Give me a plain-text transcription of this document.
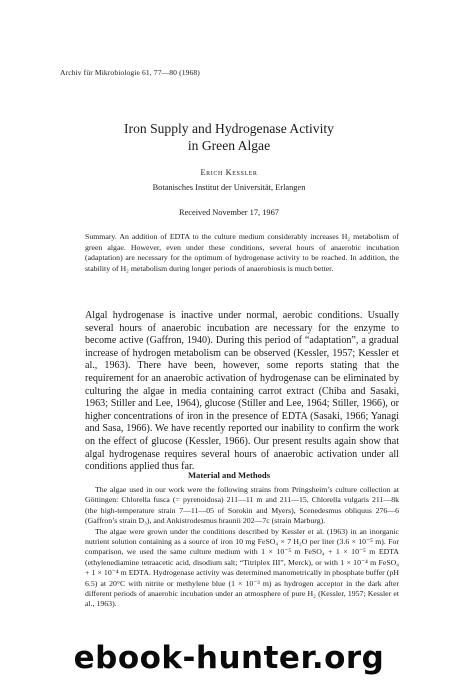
Archiv für Mikrobiologie 61, 77—80 (1968)

Iron Supply and Hydrogenase Activity
in Green Algae

Erich Kessler

Botanisches Institut der Universität, Erlangen

Received November 17, 1967

Summary. An addition of EDTA to the culture medium considerably increases H₂ metabolism of green algae. However, even under these conditions, several hours of anaerobic incubation (adaptation) are necessary for the optimum of hydrogenase activity to be reached. In addition, the stability of H₂ metabolism during longer periods of anaerobiosis is much better.

Algal hydrogenase is inactive under normal, aerobic conditions. Usually several hours of anaerobic incubation are necessary for the enzyme to become active (Gaffron, 1940). During this period of “adaptation”, a gradual increase of hydrogen metabolism can be observed (Kessler, 1957; Kessler et al., 1963). There have been, however, some reports stating that the requirement for an anaerobic activation of hydrogenase can be eliminated by culturing the algae in media containing carrot extract (Chiba and Sasaki, 1963; Stiller and Lee, 1964), glucose (Stiller and Lee, 1964; Stiller, 1966), or higher concentrations of iron in the presence of EDTA (Sasaki, 1966; Yanagi and Sasa, 1966). We have recently reported our inability to confirm the work on the effect of glucose (Kessler, 1966). Our present results again show that algal hydrogenase requires several hours of anaerobic activation under all conditions applied thus far.

Material and Methods

The algae used in our work were the following strains from Pringsheim’s culture collection at Göttingen: Chlorella fusca (= pyrenoidosa) 211—11 m and 211—15, Chlorella vulgaris 211—8k (the high-temperature strain 7—11—05 of Sorokin and Myers), Scenedesmus obliquus 276—6 (Gaffron’s strain D₃), and Ankistrodesmus braunii 202—7c (strain Marburg).

The algae were grown under the conditions described by Kessler et al. (1963) in an inorganic nutrient solution containing as a source of iron 10 mg FeSO₄ × 7 H₂O per liter (3.6 × 10⁻⁵ m). For comparison, we used the same culture medium with 1 × 10⁻⁵ m FeSO₄ + 1 × 10⁻⁵ m EDTA (ethylenediamine tetraacetic acid, disodium salt; “Titriplex III”, Merck), or with 1 × 10⁻⁴ m FeSO₄ + 1 × 10⁻⁴ m EDTA. Hydrogenase activity was determined manometrically in phosphate buffer (pH 6.5) at 20°C with nitrite or methylene blue (1 × 10⁻³ m) as hydrogen acceptor in the dark after different periods of anaerobic incubation under an atmosphere of pure H₂ (Kessler, 1957; Kessler et al., 1963).

ebook-hunter.org
